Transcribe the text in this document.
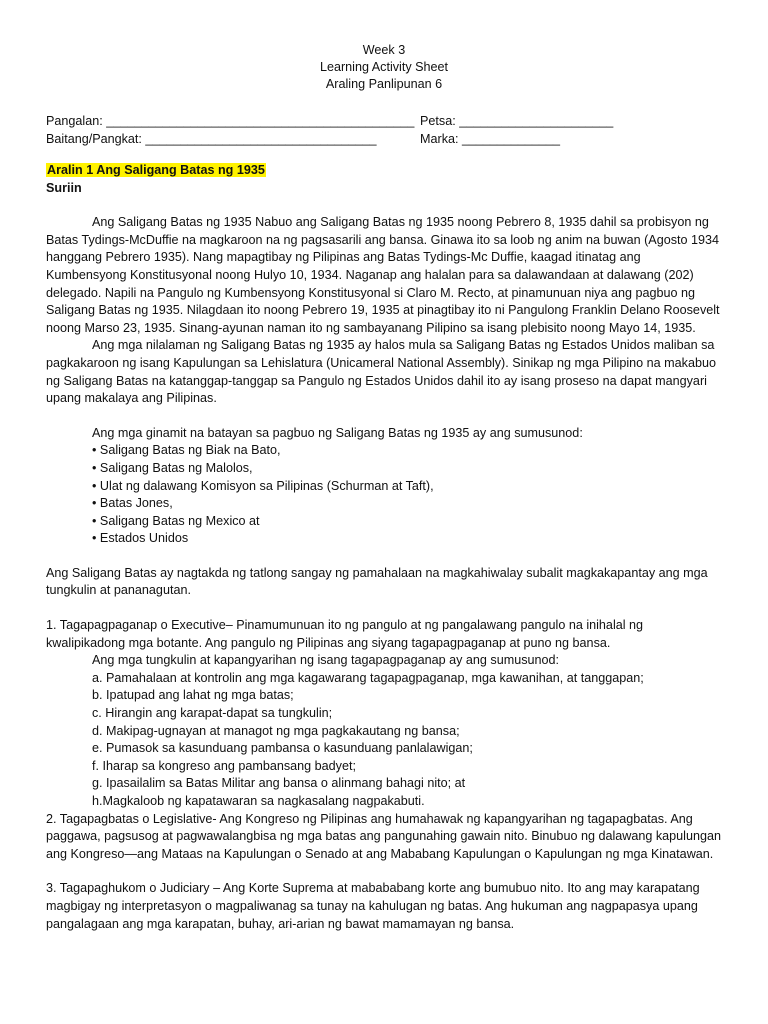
Week 3
Learning Activity Sheet
Araling Panlipunan 6
Pangalan: ____________________________________________ Petsa: ______________________
Baitang/Pangkat: _________________________________	Marka: ______________
Aralin 1 Ang Saligang Batas ng 1935
Suriin

Ang Saligang Batas ng 1935 Nabuo ang Saligang Batas ng 1935 noong Pebrero 8, 1935 dahil sa probisyon ng Batas Tydings-McDuffie na magkaroon na ng pagsasarili ang bansa. Ginawa ito sa loob ng anim na buwan (Agosto 1934 hanggang Pebrero 1935). Nang mapagtibay ng Pilipinas ang Batas Tydings-Mc Duffie, kaagad itinatag ang Kumbensyong Konstitusyonal noong Hulyo 10, 1934. Naganap ang halalan para sa dalawandaan at dalawang (202) delegado. Napili na Pangulo ng Kumbensyong Konstitusyonal si Claro M. Recto, at pinamunuan niya ang pagbuo ng Saligang Batas ng 1935. Nilagdaan ito noong Pebrero 19, 1935 at pinagtibay ito ni Pangulong Franklin Delano Roosevelt noong Marso 23, 1935. Sinang-ayunan naman ito ng sambayanang Pilipino sa isang plebisito noong Mayo 14, 1935.

Ang mga nilalaman ng Saligang Batas ng 1935 ay halos mula sa Saligang Batas ng Estados Unidos maliban sa pagkakaroon ng isang Kapulungan sa Lehislatura (Unicameral National Assembly). Sinikap ng mga Pilipino na makabuo ng Saligang Batas na katanggap-tanggap sa Pangulo ng Estados Unidos dahil ito ay isang proseso na dapat mangyari upang makalaya ang Pilipinas.

Ang mga ginamit na batayan sa pagbuo ng Saligang Batas ng 1935 ay ang sumusunod:
• Saligang Batas ng Biak na Bato,
• Saligang Batas ng Malolos,
• Ulat ng dalawang Komisyon sa Pilipinas (Schurman at Taft),
• Batas Jones,
• Saligang Batas ng Mexico at
• Estados Unidos

Ang Saligang Batas ay nagtakda ng tatlong sangay ng pamahalaan na magkahiwalay subalit magkakapantay ang mga tungkulin at pananagutan.

1. Tagapagpaganap o Executive– Pinamumunuan ito ng pangulo at ng pangalawang pangulo na inihalal ng kwalipikadong mga botante. Ang pangulo ng Pilipinas ang siyang tagapagpaganap at puno ng bansa.

Ang mga tungkulin at kapangyarihan ng isang tagapagpaganap ay ang sumusunod:
a. Pamahalaan at kontrolin ang mga kagawarang tagapagpaganap, mga kawanihan, at tanggapan;
b. Ipatupad ang lahat ng mga batas;
c. Hirangin ang karapat-dapat sa tungkulin;
d. Makipag-ugnayan at managot ng mga pagkakautang ng bansa;
e. Pumasok sa kasunduang pambansa o kasunduang panlalawigan;
f. Iharap sa kongreso ang pambansang badyet;
g. Ipasailalim sa Batas Militar ang bansa o alinmang bahagi nito; at
h.Magkaloob ng kapatawaran sa nagkasalang nagpakabuti.

2. Tagapagbatas o Legislative- Ang Kongreso ng Pilipinas ang humahawak ng kapangyarihan ng tagapagbatas. Ang paggawa, pagsusog at pagwawalangbisa ng mga batas ang pangunahing gawain nito. Binubuo ng dalawang kapulungan ang Kongreso—ang Mataas na Kapulungan o Senado at ang Mababang Kapulungan o Kapulungan ng mga Kinatawan.

3. Tagapaghukom o Judiciary – Ang Korte Suprema at mabababang korte ang bumubuo nito. Ito ang may karapatang magbigay ng interpretasyon o magpaliwanag sa tunay na kahulugan ng batas. Ang hukuman ang nagpapasya upang pangalagaan ang mga karapatan, buhay, ari-arian ng bawat mamamayan ng bansa.
